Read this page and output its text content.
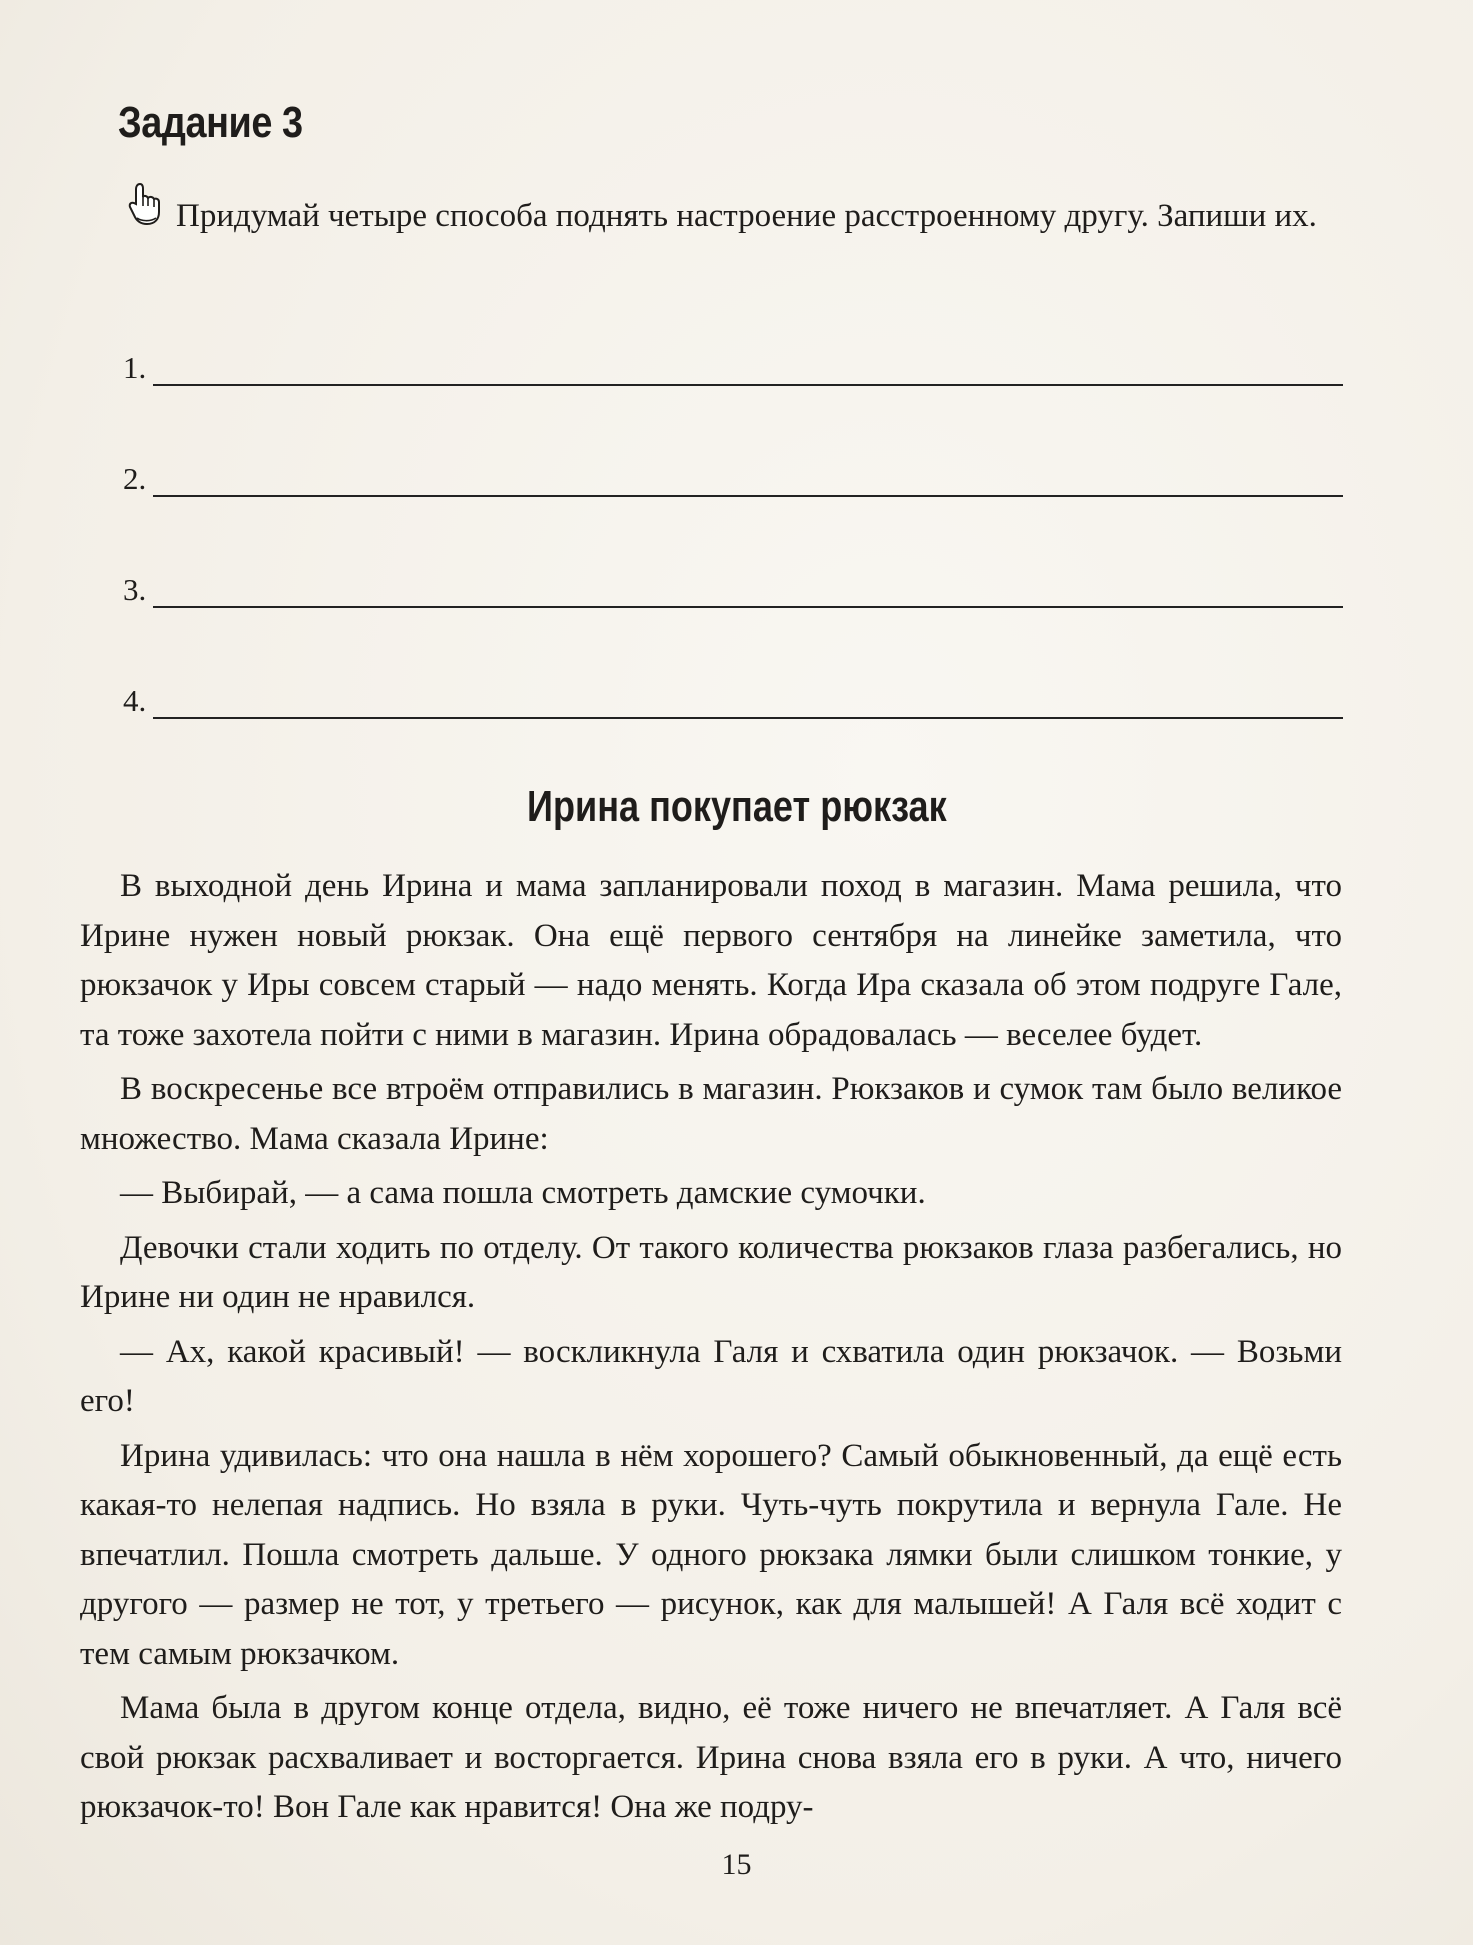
Задание 3

Придумай четыре способа поднять настроение расстроенному другу. Запиши их.

1.
2.
3.
4.
Ирина покупает рюкзак

В выходной день Ирина и мама запланировали поход в магазин. Мама решила, что Ирине нужен новый рюкзак. Она ещё первого сентября на линейке заметила, что рюкзачок у Иры совсем старый — надо менять. Когда Ира сказала об этом подруге Гале, та тоже захотела пойти с ними в магазин. Ирина обрадовалась — веселее будет.

В воскресенье все втроём отправились в магазин. Рюкзаков и сумок там было великое множество. Мама сказала Ирине:

— Выбирай, — а сама пошла смотреть дамские сумочки.

Девочки стали ходить по отделу. От такого количества рюкзаков глаза разбегались, но Ирине ни один не нравился.

— Ах, какой красивый! — воскликнула Галя и схватила один рюкзачок. — Возьми его!

Ирина удивилась: что она нашла в нём хорошего? Самый обыкновенный, да ещё есть какая-то нелепая надпись. Но взяла в руки. Чуть-чуть покрутила и вернула Гале. Не впечатлил. Пошла смотреть дальше. У одного рюкзака лямки были слишком тонкие, у другого — размер не тот, у третьего — рисунок, как для малышей! А Галя всё ходит с тем самым рюкзачком.

Мама была в другом конце отдела, видно, её тоже ничего не впечатляет. А Галя всё свой рюкзак расхваливает и восторгается. Ирина снова взяла его в руки. А что, ничего рюкзачок-то! Вон Гале как нравится! Она же подру-

15
